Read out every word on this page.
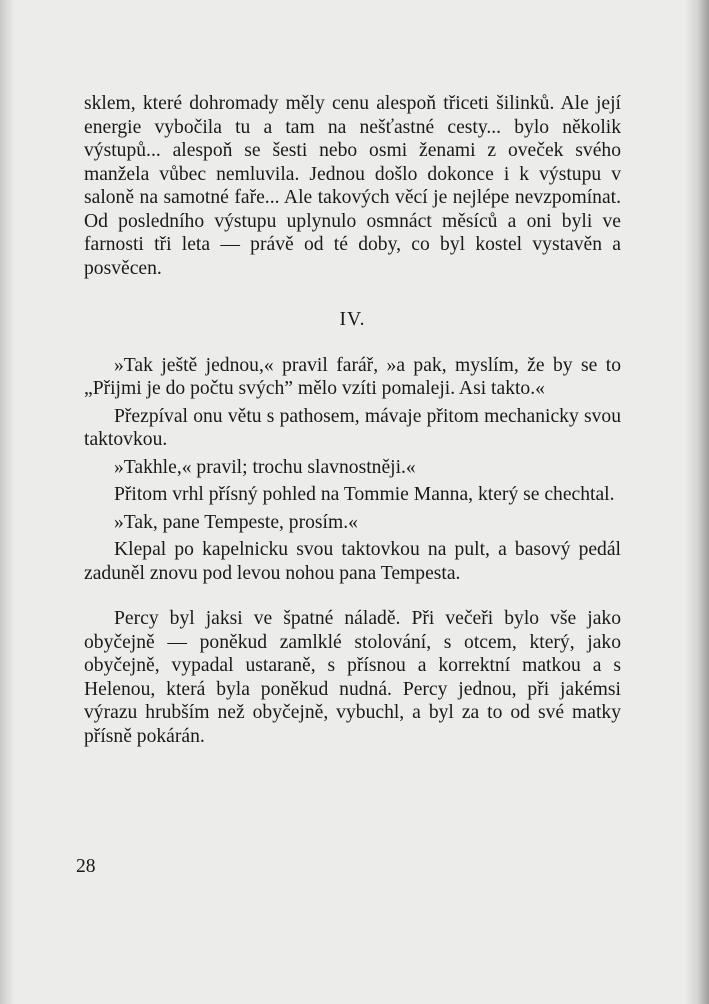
sklem, které dohromady měly cenu alespoň třiceti šilinků. Ale její energie vybočila tu a tam na nešťastné cesty... bylo několik výstupů... alespoň se šesti nebo osmi ženami z oveček svého manžela vůbec nemluvila. Jednou došlo dokonce i k výstupu v saloně na samotné faře... Ale takových věcí je nejlépe nevzpomínat. Od posledního výstupu uplynulo osmnáct měsíců a oni byli ve farnosti tři leta — právě od té doby, co byl kostel vystavěn a posvěcen.

IV.

»Tak ještě jednou,« pravil farář, »a pak, myslím, že by se to „Přijmi je do počtu svých” mělo vzíti pomaleji. Asi takto.«

Přezpíval onu větu s pathosem, mávaje přitom mechanicky svou taktovkou.

»Takhle,« pravil; trochu slavnostněji.«

Přitom vrhl přísný pohled na Tommie Manna, který se chechtal.

»Tak, pane Tempeste, prosím.«

Klepal po kapelnicku svou taktovkou na pult, a basový pedál zaduněl znovu pod levou nohou pana Tempesta.

Percy byl jaksi ve špatné náladě. Při večeři bylo vše jako obyčejně — poněkud zamlklé stolování, s otcem, který, jako obyčejně, vypadal ustaraně, s přísnou a korrektní matkou a s Helenou, která byla poněkud nudná. Percy jednou, při jakémsi výrazu hrubším než obyčejně, vybuchl, a byl za to od své matky přísně pokárán.

28
